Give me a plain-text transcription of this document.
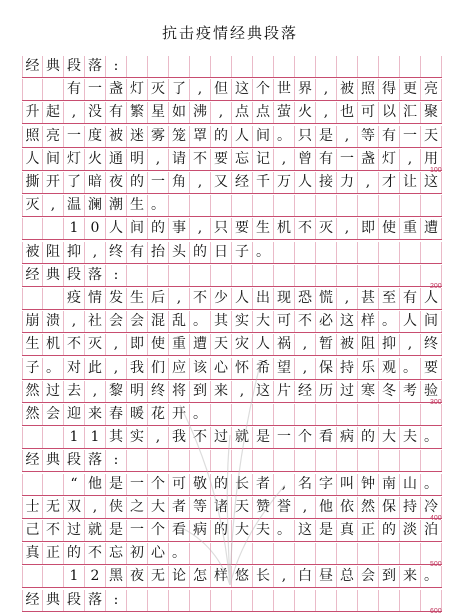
抗击疫情经典段落
经 典 段 落 :

有 一 盏 灯 灭 了 , 但 这 个 世 界 , 被 照 得 更 亮
升 起 , 没 有 繁 星 如 沸 , 点 点 萤 火 , 也 可 以 汇 聚
照 亮 一 度 被 迷 雾 笼 罩 的 人 间 。 只 是 , 等 有 一 天
人 间 灯 火 通 明 , 请 不 要 忘 记 , 曾 有 一 盏 灯 , 用
撕 开 了 暗 夜 的 一 角 , 又 经 千 万 人 接 力 , 才 让 这
灭 , 温 澜 潮 生 。

1 0 人 间 的 事 , 只 要 生 机 不 灭 , 即 使 重 遭
被 阻 抑 , 终 有 抬 头 的 日 子 。
经 典 段 落 :

疫 情 发 生 后 , 不 少 人 出 现 恐 慌 , 甚 至 有 人
崩 溃 , 社 会 会 混 乱 。 其 实 大 可 不 必 这 样 。 人 间
生 机 不 灭 , 即 使 重 遭 天 灾 人 祸 , 暂 被 阻 抑 , 终
子 。 对 此 , 我 们 应 该 心 怀 希 望 , 保 持 乐 观 。 要
然 过 去 , 黎 明 终 将 到 来 , 这 片 经 历 过 寒 冬 考 验
然 会 迎 来 春 暖 花 开 。

1 1 其 实 , 我 不 过 就 是 一 个 看 病 的 大 夫 。
经 典 段 落 :

“ 他 是 一 个 可 敬 的 长 者 , 名 字 叫 钟 南 山 。
士 无 双 , 侠 之 大 者 等 诸 天 赞 誉 , 他 依 然 保 持 冷
己 不 过 就 是 一 个 看 病 的 大 夫 。 这 是 真 正 的 淡 泊
真 正 的 不 忘 初 心 。

1 2 黑 夜 无 论 怎 样 悠 长 , 白 昼 总 会 到 来 。
经 典 段 落 :
100
200
300
400
500
600
